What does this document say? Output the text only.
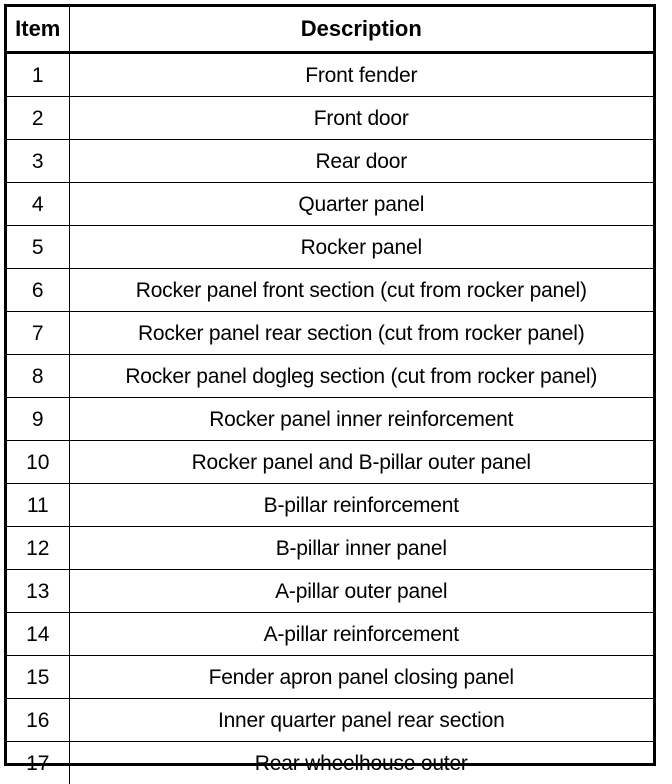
Item	Description
1	Front fender
2	Front door
3	Rear door
4	Quarter panel
5	Rocker panel
6	Rocker panel front section (cut from rocker panel)
7	Rocker panel rear section (cut from rocker panel)
8	Rocker panel dogleg section (cut from rocker panel)
9	Rocker panel inner reinforcement
10	Rocker panel and B-pillar outer panel
11	B-pillar reinforcement
12	B-pillar inner panel
13	A-pillar outer panel
14	A-pillar reinforcement
15	Fender apron panel closing panel
16	Inner quarter panel rear section
17	Rear wheelhouse outer
